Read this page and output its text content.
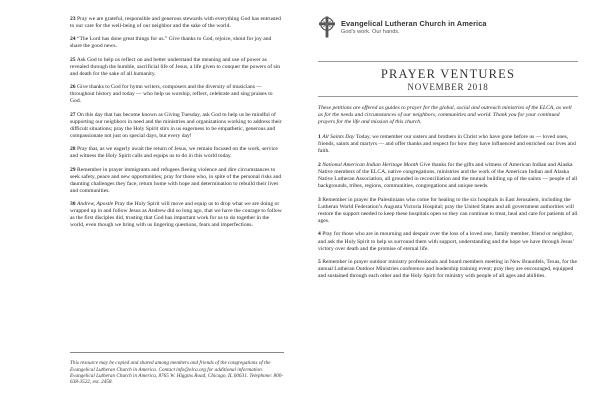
23 Pray we are grateful, responsible and generous stewards with everything God has entrusted to our care for the well-being of our neighbor and the sake of the world.

24 “The Lord has done great things for us.” Give thanks to God, rejoice, shout for joy and share the good news.

25 Ask God to help us reflect on and better understand the meaning and use of power as revealed through the humble, sacrificial life of Jesus, a life given to conquer the powers of sin and death for the sake of all humanity.

26 Give thanks to God for hymn writers, composers and the diversity of musicians — throughout history and today — who help us worship, reflect, celebrate and sing praises to God.

27 On this day that has become known as Giving Tuesday, ask God to help us be mindful of supporting our neighbors in need and the ministries and organizations working to address their difficult situations; pray the Holy Spirit stirs in us eagerness to be empathetic, generous and compassionate not just on special days, but every day!

28 Pray that, as we eagerly await the return of Jesus, we remain focused on the work, service and witness the Holy Spirit calls and equips us to do in this world today.

29 Remember in prayer immigrants and refugees fleeing violence and dire circumstances to seek safety, peace and new opportunities; pray for those who, in spite of the personal risks and daunting challenges they face, return home with hope and determination to rebuild their lives and communities.

30 Andrew, Apostle Pray the Holy Spirit will move and equip us to drop what we are doing or wrapped up in and follow Jesus as Andrew did so long ago, that we have the courage to follow as the first disciples did, trusting that God has important work for us to do together in the world, even though we bring with us lingering questions, fears and imperfections.

This resource may be copied and shared among members and friends of the congregations of the Evangelical Lutheran Church in America. Contact info@elca.org for additional information. Evangelical Lutheran Church in America, 8765 W. Higgins Road, Chicago, IL 60631. Telephone: 800-638-3522, ext. 2458.

Evangelical Lutheran Church in America
God’s work. Our hands.
PRAYER VENTURES
NOVEMBER 2018

These petitions are offered as guides to prayer for the global, social and outreach ministries of the ELCA, as well as for the needs and circumstances of our neighbors, communities and world. Thank you for your continued prayers for the life and mission of this church.

1 All Saints Day Today, we remember our sisters and brothers in Christ who have gone before us — loved ones, friends, saints and martyrs — and offer thanks and respect for how they have influenced and enriched our lives and faith.

2 National American Indian Heritage Month Give thanks for the gifts and witness of American Indian and Alaska Native members of the ELCA, native congregations, ministries and the work of the American Indian and Alaska Native Lutheran Association, all grounded in reconciliation and the mutual building up of the saints — people of all backgrounds, tribes, regions, communities, congregations and unique needs.

3 Remember in prayer the Palestinians who come for healing to the six hospitals in East Jerusalem, including the Lutheran World Federation’s Augusta Victoria Hospital; pray the United States and all government authorities will restore the support needed to keep these hospitals open so they can continue to treat, heal and care for patients of all ages.

4 Pray for those who are in mourning and despair over the loss of a loved one, family member, friend or neighbor, and ask the Holy Spirit to help us surround them with support, understanding and the hope we have through Jesus’ victory over death and the promise of eternal life.

5 Remember in prayer outdoor ministry professionals and board members meeting in New Braunfels, Texas, for the annual Lutheran Outdoor Ministries conference and leadership training event; pray they are encouraged, equipped and sustained through each other and the Holy Spirit for ministry with people of all ages and abilities.
